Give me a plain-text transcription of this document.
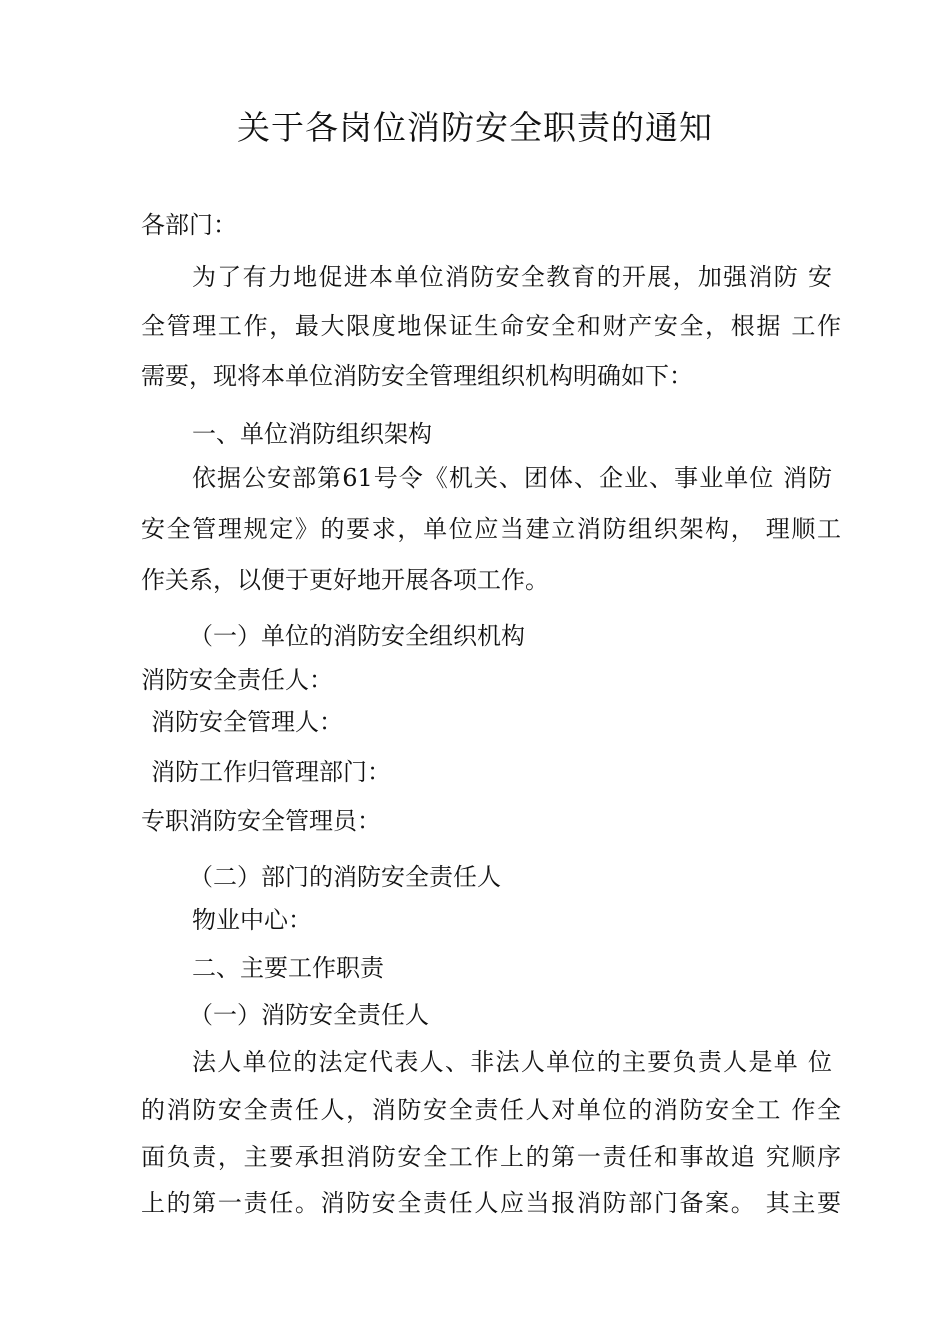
关于各岗位消防安全职责的通知
各部门：
为了有力地促进本单位消防安全教育的开展，加强消防 安
全管理工作，最大限度地保证生命安全和财产安全，根据 工作
需要，现将本单位消防安全管理组织机构明确如下：
一、单位消防组织架构
依据公安部第61号令《机关、团体、企业、事业单位 消防
安全管理规定》的要求，单位应当建立消防组织架构， 理顺工
作关系，以便于更好地开展各项工作。
（一）单位的消防安全组织机构
消防安全责任人：
消防安全管理人：
消防工作归管理部门：
专职消防安全管理员：
（二）部门的消防安全责任人
物业中心：
二、主要工作职责
（一）消防安全责任人
法人单位的法定代表人、非法人单位的主要负责人是单 位
的消防安全责任人，消防安全责任人对单位的消防安全工 作全
面负责，主要承担消防安全工作上的第一责任和事故追 究顺序
上的第一责任。消防安全责任人应当报消防部门备案。 其主要
